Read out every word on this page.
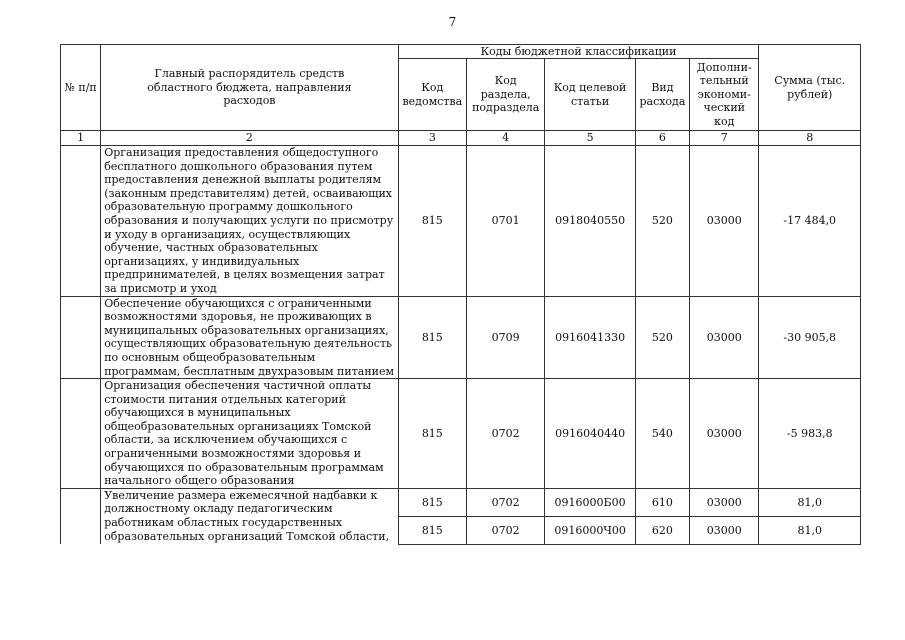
7
№ п/п	Главный распорядитель средств областного бюджета, направления расходов	Коды бюджетной классификации					Сумма (тыс. рублей)
		Код ведомства	Код раздела, подраздела	Код целевой статьи	Вид расхода	Дополни-тельный экономи-ческий код	
1	2	3	4	5	6	7	8
	Организация предоставления общедоступного бесплатного дошкольного образования путем предоставления денежной выплаты родителям (законным представителям) детей, осваивающих образовательную программу дошкольного образования и получающих услуги по присмотру и уходу в организациях, осуществляющих обучение, частных образовательных организациях, у индивидуальных предпринимателей, в целях возмещения затрат за присмотр и уход	815	0701	0918040550	520	03000	-17 484,0
	Обеспечение обучающихся с ограниченными возможностями здоровья, не проживающих в муниципальных образовательных организациях, осуществляющих образовательную деятельность по основным общеобразовательным программам, бесплатным двухразовым питанием	815	0709	0916041330	520	03000	-30 905,8
	Организация обеспечения частичной оплаты стоимости питания отдельных категорий обучающихся в муниципальных общеобразовательных организациях Томской области, за исключением обучающихся с ограниченными возможностями здоровья и обучающихся по образовательным программам начального общего образования	815	0702	0916040440	540	03000	-5 983,8
	Увеличение размера ежемесячной надбавки к должностному окладу педагогическим работникам областных государственных образовательных организаций Томской области,	815	0702	0916000Б00	610	03000	81,0
		815	0702	0916000Ч00	620	03000	81,0
